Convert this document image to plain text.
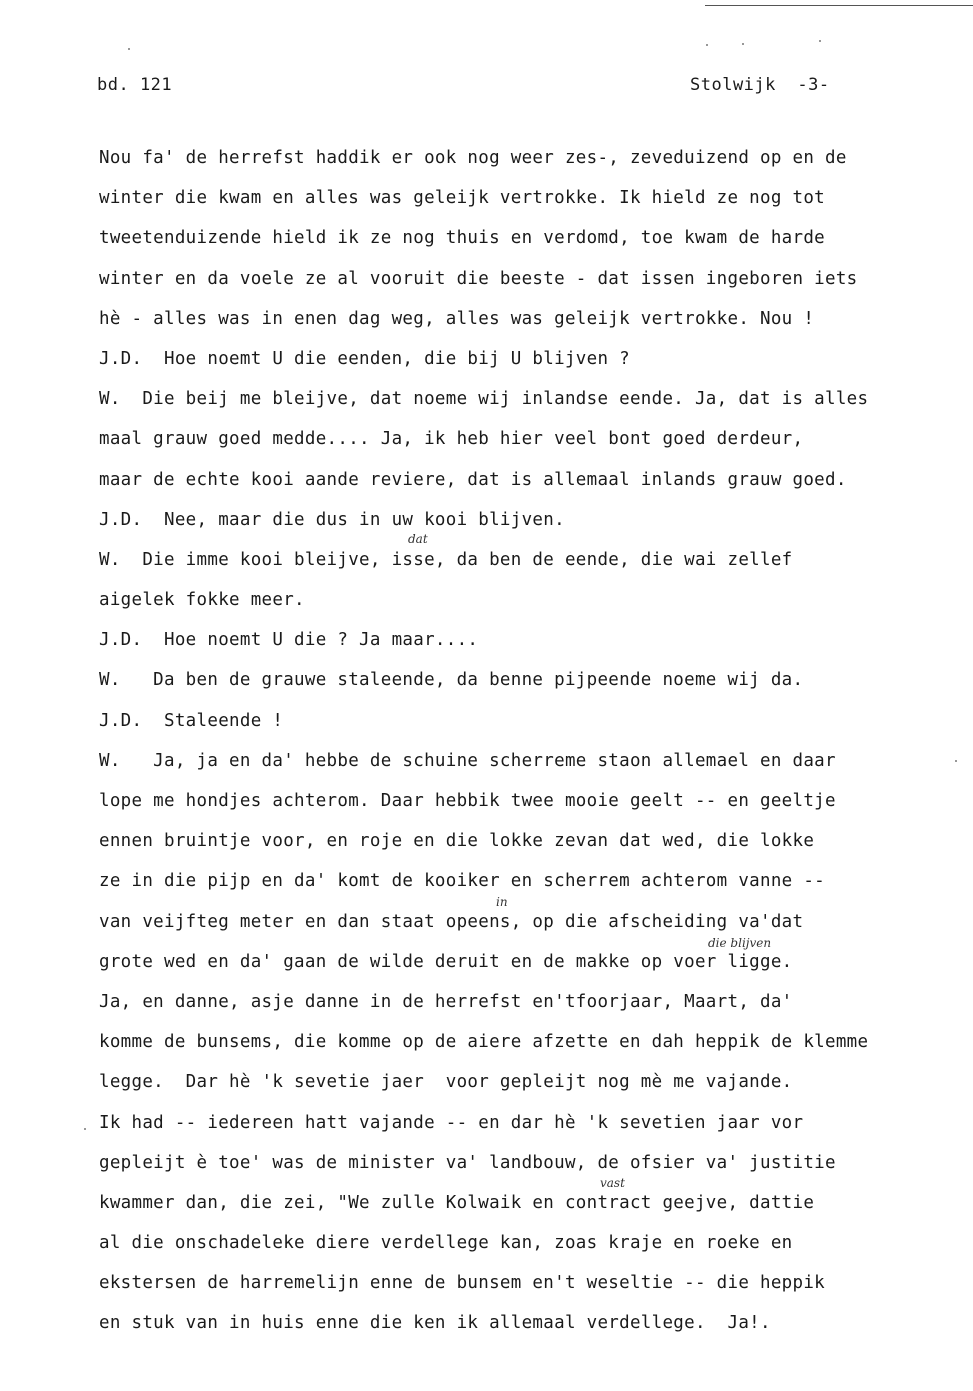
bd. 121	Stolwijk  -3-
Nou fa' de herrefst haddik er ook nog weer zes-, zeveduizend op en de
winter die kwam en alles was geleijk vertrokke. Ik hield ze nog tot
tweetenduizende hield ik ze nog thuis en verdomd, toe kwam de harde
winter en da voele ze al vooruit die beeste - dat issen ingeboren iets
hè - alles was in enen dag weg, alles was geleijk vertrokke. Nou !
J.D.  Hoe noemt U die eenden, die bij U blijven ?
W.  Die beij me bleijve, dat noeme wij inlandse eende. Ja, dat is alles
maal grauw goed medde.... Ja, ik heb hier veel bont goed derdeur,
maar de echte kooi aande reviere, dat is allemaal inlands grauw goed.
J.D.  Nee, maar die dus in uw kooi blijven.
W.  Die imme kooi bleijve, isse, da ben de eende, die wai zellef
aigelek fokke meer.
J.D.  Hoe noemt U die ? Ja maar....
W.   Da ben de grauwe staleende, da benne pijpeende noeme wij da.
J.D.  Staleende !
W.   Ja, ja en da' hebbe de schuine scherreme staon allemael en daar
lope me hondjes achterom. Daar hebbik twee mooie geelt -- en geeltje
ennen bruintje voor, en roje en die lokke zevan dat wed, die lokke
ze in die pijp en da' komt de kooiker en scherrem achterom vanne --
van veijfteg meter en dan staat opeens, op die afscheiding va'dat
grote wed en da' gaan de wilde deruit en de makke op voer ligge.
Ja, en danne, asje danne in de herrefst en'tfoorjaar, Maart, da'
komme de bunsems, die komme op de aiere afzette en dah heppik de klemme
legge.  Dar hè 'k sevetie jaer  voor gepleijt nog mè me vajande.
Ik had -- iedereen hatt vajande -- en dar hè 'k sevetien jaar vor
gepleijt è toe' was de minister va' landbouw, de ofsier va' justitie
kwammer dan, die zei, "We zulle Kolwaik en contract geejve, dattie
al die onschadeleke diere verdellege kan, zoas kraje en roeke en
ekstersen de harremelijn enne de bunsem en't weseltie -- die heppik
en stuk van in huis enne die ken ik allemaal verdellege.  Ja!.
dat
in
die blijven
vast
